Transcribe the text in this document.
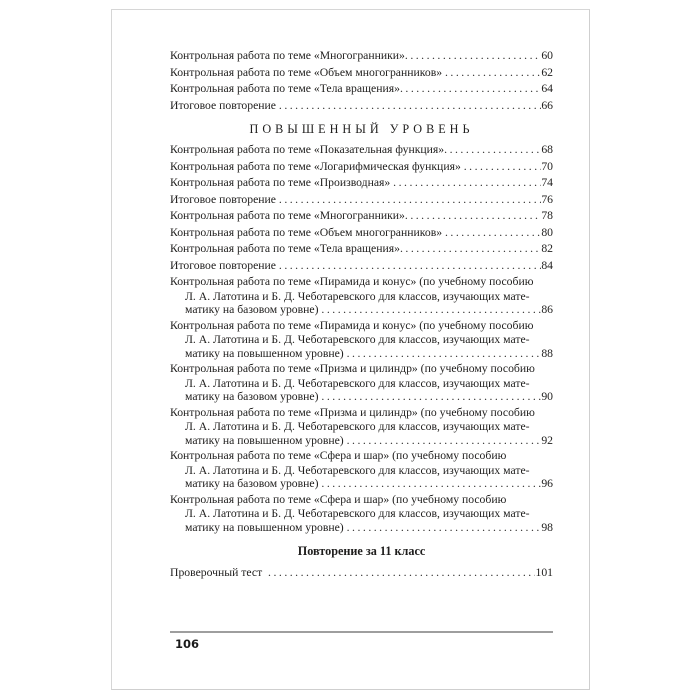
Контрольная работа по теме «Многогранники» .....	60
Контрольная работа по теме «Объем многогранников» .....	62
Контрольная работа по теме «Тела вращения» .....	64
Итоговое повторение .....	66
ПОВЫШЕННЫЙ УРОВЕНЬ
Контрольная работа по теме «Показательная функция» .....	68
Контрольная работа по теме «Логарифмическая функция» .....	70
Контрольная работа по теме «Производная» .....	74
Итоговое повторение .....	76
Контрольная работа по теме «Многогранники» .....	78
Контрольная работа по теме «Объем многогранников» .....	80
Контрольная работа по теме «Тела вращения» .....	82
Итоговое повторение .....	84
Контрольная работа по теме «Пирамида и конус» (по учебному пособию
Л. А. Латотина и Б. Д. Чеботаревского для классов, изучающих мате-
матику на базовом уровне) .....	86
Контрольная работа по теме «Пирамида и конус» (по учебному пособию
Л. А. Латотина и Б. Д. Чеботаревского для классов, изучающих мате-
матику на повышенном уровне) .....	88
Контрольная работа по теме «Призма и цилиндр» (по учебному пособию
Л. А. Латотина и Б. Д. Чеботаревского для классов, изучающих мате-
матику на базовом уровне) .....	90
Контрольная работа по теме «Призма и цилиндр» (по учебному пособию
Л. А. Латотина и Б. Д. Чеботаревского для классов, изучающих мате-
матику на повышенном уровне) .....	92
Контрольная работа по теме «Сфера и шар» (по учебному пособию
Л. А. Латотина и Б. Д. Чеботаревского для классов, изучающих мате-
матику на базовом уровне) .....	96
Контрольная работа по теме «Сфера и шар» (по учебному пособию
Л. А. Латотина и Б. Д. Чеботаревского для классов, изучающих мате-
матику на повышенном уровне) .....	98
Повторение за 11 класс
Проверочный тест .....	101
106
